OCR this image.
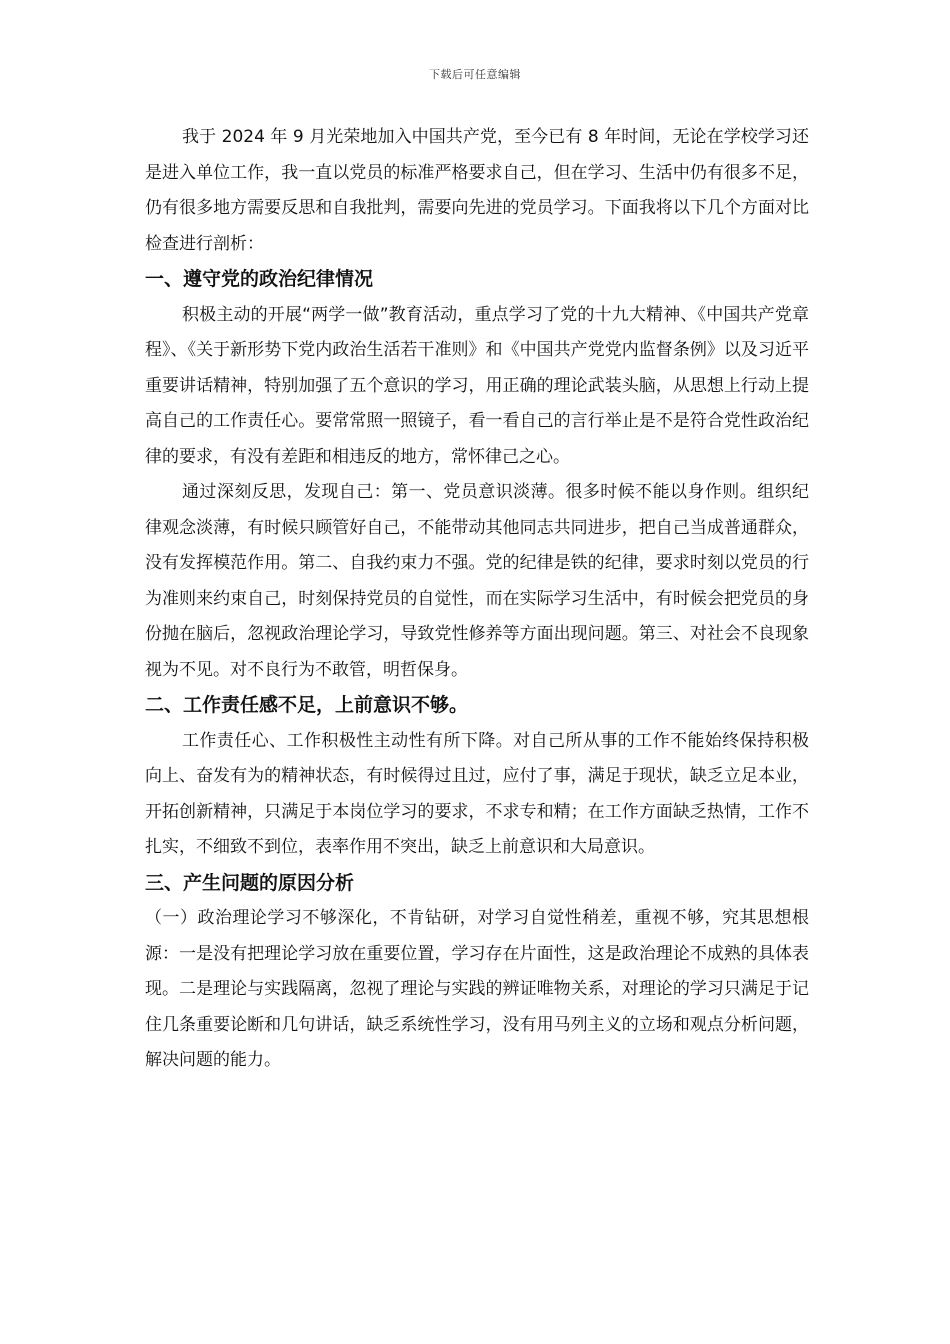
下载后可任意编辑

我于 2024 年 9 月光荣地加入中国共产党，至今已有 8 年时间，无论在学校学习还是进入单位工作，我一直以党员的标准严格要求自己，但在学习、生活中仍有很多不足，仍有很多地方需要反思和自我批判，需要向先进的党员学习。下面我将以下几个方面对比检查进行剖析：

一、遵守党的政治纪律情况

积极主动的开展“两学一做”教育活动，重点学习了党的十九大精神、《中国共产党章程》、《关于新形势下党内政治生活若干准则》和《中国共产党党内监督条例》以及习近平重要讲话精神，特别加强了五个意识的学习，用正确的理论武装头脑，从思想上行动上提高自己的工作责任心。要常常照一照镜子，看一看自己的言行举止是不是符合党性政治纪律的要求，有没有差距和相违反的地方，常怀律己之心。

通过深刻反思，发现自己：第一、党员意识淡薄。很多时候不能以身作则。组织纪律观念淡薄，有时候只顾管好自己，不能带动其他同志共同进步，把自己当成普通群众，没有发挥模范作用。第二、自我约束力不强。党的纪律是铁的纪律，要求时刻以党员的行为准则来约束自己，时刻保持党员的自觉性，而在实际学习生活中，有时候会把党员的身份抛在脑后，忽视政治理论学习，导致党性修养等方面出现问题。第三、对社会不良现象视为不见。对不良行为不敢管，明哲保身。

二、工作责任感不足，上前意识不够。

工作责任心、工作积极性主动性有所下降。对自己所从事的工作不能始终保持积极向上、奋发有为的精神状态，有时候得过且过，应付了事，满足于现状，缺乏立足本业，开拓创新精神，只满足于本岗位学习的要求，不求专和精；在工作方面缺乏热情，工作不扎实，不细致不到位，表率作用不突出，缺乏上前意识和大局意识。

三、产生问题的原因分析

（一）政治理论学习不够深化，不肯钻研，对学习自觉性稍差，重视不够，究其思想根源：一是没有把理论学习放在重要位置，学习存在片面性，这是政治理论不成熟的具体表现。二是理论与实践隔离，忽视了理论与实践的辨证唯物关系，对理论的学习只满足于记住几条重要论断和几句讲话，缺乏系统性学习，没有用马列主义的立场和观点分析问题，解决问题的能力。
